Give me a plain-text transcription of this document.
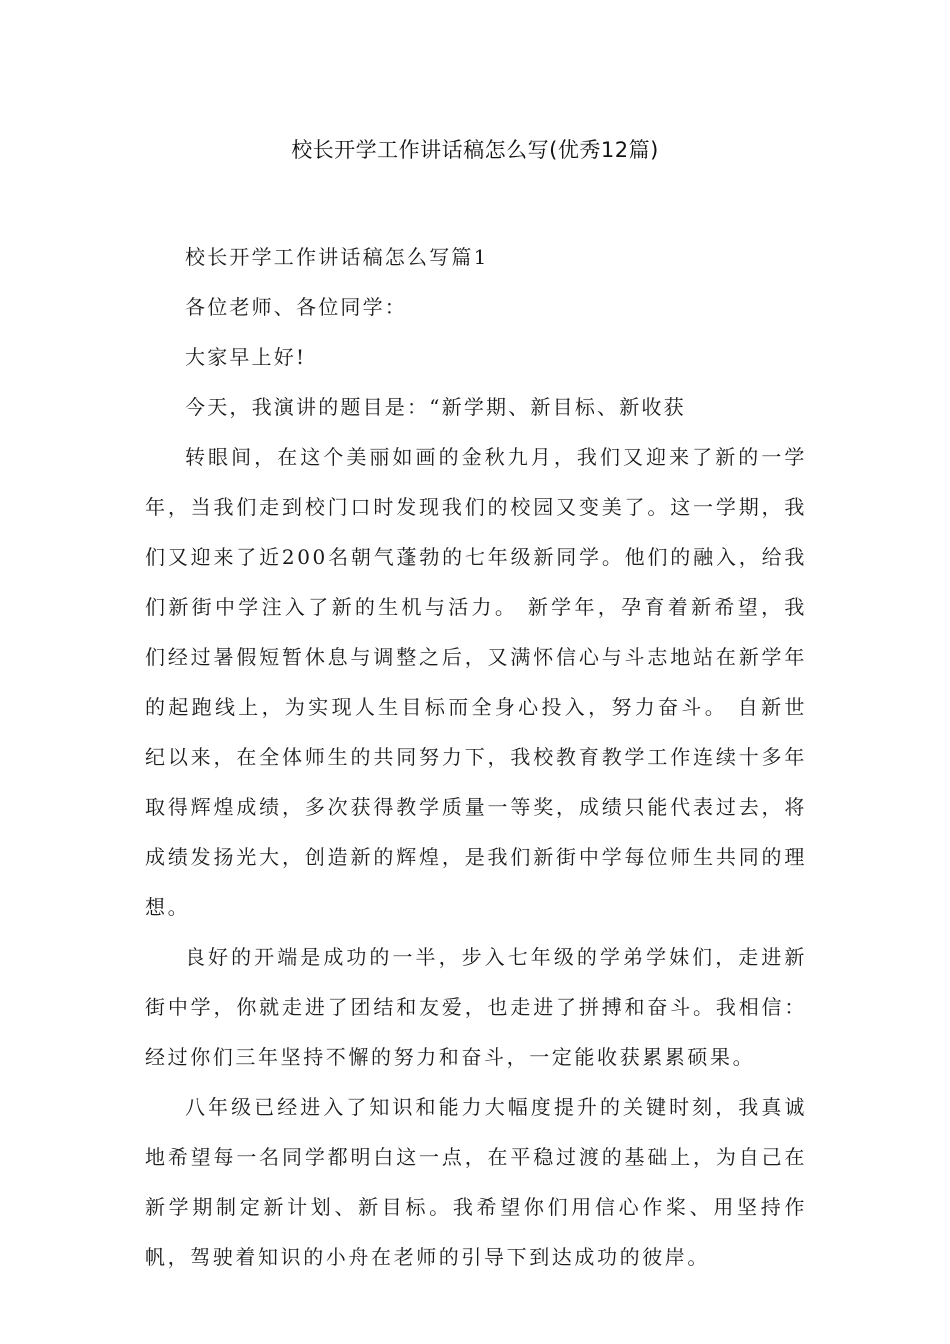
校长开学工作讲话稿怎么写(优秀12篇)

校长开学工作讲话稿怎么写篇1

各位老师、各位同学：

大家早上好!

今天，我演讲的题目是：“新学期、新目标、新收获

转眼间，在这个美丽如画的金秋九月，我们又迎来了新的一学年，当我们走到校门口时发现我们的校园又变美了。这一学期，我们又迎来了近200名朝气蓬勃的七年级新同学。他们的融入，给我们新街中学注入了新的生机与活力。 新学年，孕育着新希望，我们经过暑假短暂休息与调整之后，又满怀信心与斗志地站在新学年的起跑线上，为实现人生目标而全身心投入，努力奋斗。 自新世纪以来，在全体师生的共同努力下，我校教育教学工作连续十多年取得辉煌成绩，多次获得教学质量一等奖，成绩只能代表过去，将成绩发扬光大，创造新的辉煌，是我们新街中学每位师生共同的理想。

良好的开端是成功的一半，步入七年级的学弟学妹们，走进新街中学，你就走进了团结和友爱，也走进了拼搏和奋斗。我相信：经过你们三年坚持不懈的努力和奋斗，一定能收获累累硕果。

八年级已经进入了知识和能力大幅度提升的关键时刻，我真诚地希望每一名同学都明白这一点，在平稳过渡的基础上，为自己在新学期制定新计划、新目标。我希望你们用信心作桨、用坚持作帆，驾驶着知识的小舟在老师的引导下到达成功的彼岸。
